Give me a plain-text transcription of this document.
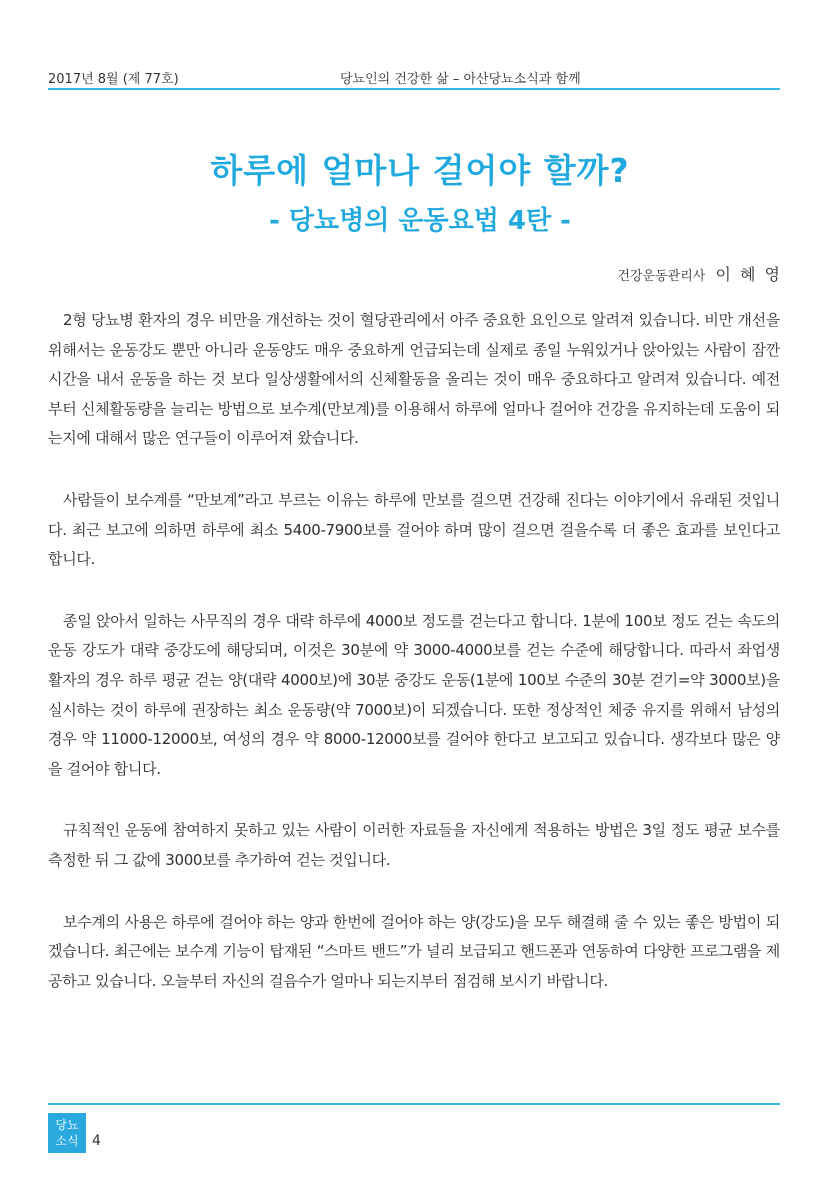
2017년 8월 (제 77호)	당뇨인의 건강한 삶 – 아산당뇨소식과 함께
하루에 얼마나 걸어야 할까?
- 당뇨병의 운동요법 4탄 -
건강운동관리사 이 혜 영

2형 당뇨병 환자의 경우 비만을 개선하는 것이 혈당관리에서 아주 중요한 요인으로 알려져 있습니다. 비만 개선을 위해서는 운동강도 뿐만 아니라 운동양도 매우 중요하게 언급되는데 실제로 종일 누워있거나 앉아있는 사람이 잠깐 시간을 내서 운동을 하는 것 보다 일상생활에서의 신체활동을 올리는 것이 매우 중요하다고 알려져 있습니다. 예전부터 신체활동량을 늘리는 방법으로 보수계(만보계)를 이용해서 하루에 얼마나 걸어야 건강을 유지하는데 도움이 되는지에 대해서 많은 연구들이 이루어져 왔습니다.

사람들이 보수계를 “만보계”라고 부르는 이유는 하루에 만보를 걸으면 건강해 진다는 이야기에서 유래된 것입니다. 최근 보고에 의하면 하루에 최소 5400-7900보를 걸어야 하며 많이 걸으면 걸을수록 더 좋은 효과를 보인다고 합니다.

종일 앉아서 일하는 사무직의 경우 대략 하루에 4000보 정도를 걷는다고 합니다. 1분에 100보 정도 걷는 속도의 운동 강도가 대략 중강도에 해당되며, 이것은 30분에 약 3000-4000보를 걷는 수준에 해당합니다. 따라서 좌업생활자의 경우 하루 평균 걷는 양(대략 4000보)에 30분 중강도 운동(1분에 100보 수준의 30분 걷기=약 3000보)을 실시하는 것이 하루에 권장하는 최소 운동량(약 7000보)이 되겠습니다. 또한 정상적인 체중 유지를 위해서 남성의 경우 약 11000-12000보, 여성의 경우 약 8000-12000보를 걸어야 한다고 보고되고 있습니다. 생각보다 많은 양을 걸어야 합니다.

규칙적인 운동에 참여하지 못하고 있는 사람이 이러한 자료들을 자신에게 적용하는 방법은 3일 정도 평균 보수를 측정한 뒤 그 값에 3000보를 추가하여 걷는 것입니다.

보수계의 사용은 하루에 걸어야 하는 양과 한번에 걸어야 하는 양(강도)을 모두 해결해 줄 수 있는 좋은 방법이 되겠습니다. 최근에는 보수계 기능이 탑재된 “스마트 밴드”가 널리 보급되고 핸드폰과 연동하여 다양한 프로그램을 제공하고 있습니다. 오늘부터 자신의 걸음수가 얼마나 되는지부터 점검해 보시기 바랍니다.

당뇨
소식 4
